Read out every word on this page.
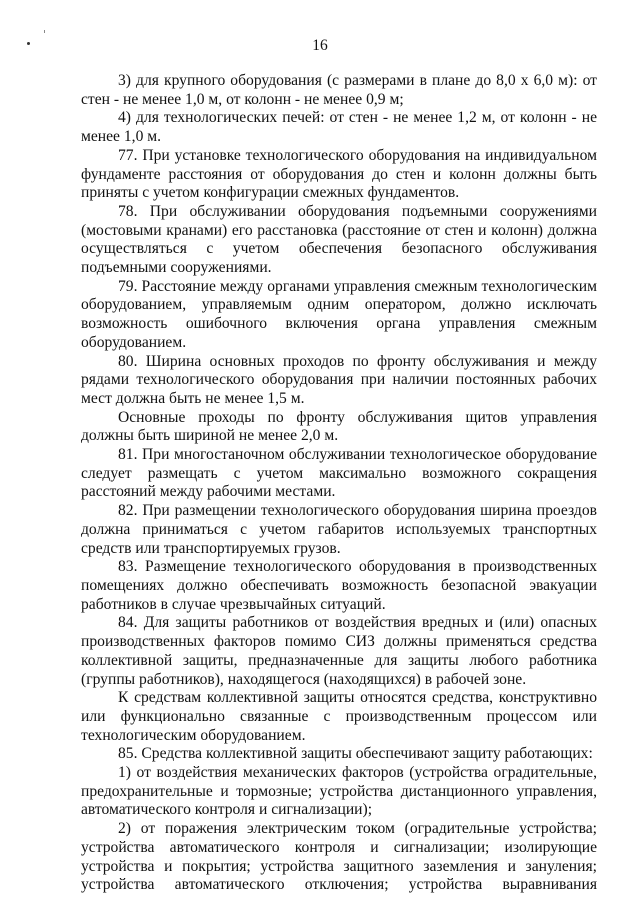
16

3) для крупного оборудования (с размерами в плане до 8,0 х 6,0 м): от стен - не менее 1,0 м, от колонн - не менее 0,9 м;

4) для технологических печей: от стен - не менее 1,2 м, от колонн - не менее 1,0 м.

77. При установке технологического оборудования на индивидуальном фундаменте расстояния от оборудования до стен и колонн должны быть приняты с учетом конфигурации смежных фундаментов.

78. При обслуживании оборудования подъемными сооружениями (мостовыми кранами) его расстановка (расстояние от стен и колонн) должна осуществляться с учетом обеспечения безопасного обслуживания подъемными сооружениями.

79. Расстояние между органами управления смежным технологическим оборудованием, управляемым одним оператором, должно исключать возможность ошибочного включения органа управления смежным оборудованием.

80. Ширина основных проходов по фронту обслуживания и между рядами технологического оборудования при наличии постоянных рабочих мест должна быть не менее 1,5 м.

Основные проходы по фронту обслуживания щитов управления должны быть шириной не менее 2,0 м.

81. При многостаночном обслуживании технологическое оборудование следует размещать с учетом максимально возможного сокращения расстояний между рабочими местами.

82. При размещении технологического оборудования ширина проездов должна приниматься с учетом габаритов используемых транспортных средств или транспортируемых грузов.

83. Размещение технологического оборудования в производственных помещениях должно обеспечивать возможность безопасной эвакуации работников в случае чрезвычайных ситуаций.

84. Для защиты работников от воздействия вредных и (или) опасных производственных факторов помимо СИЗ должны применяться средства коллективной защиты, предназначенные для защиты любого работника (группы работников), находящегося (находящихся) в рабочей зоне.

К средствам коллективной защиты относятся средства, конструктивно или функционально связанные с производственным процессом или технологическим оборудованием.

85. Средства коллективной защиты обеспечивают защиту работающих:

1) от воздействия механических факторов (устройства оградительные, предохранительные и тормозные; устройства дистанционного управления, автоматического контроля и сигнализации);

2) от поражения электрическим током (оградительные устройства; устройства автоматического контроля и сигнализации; изолирующие устройства и покрытия; устройства защитного заземления и зануления; устройства автоматического отключения; устройства выравнивания
